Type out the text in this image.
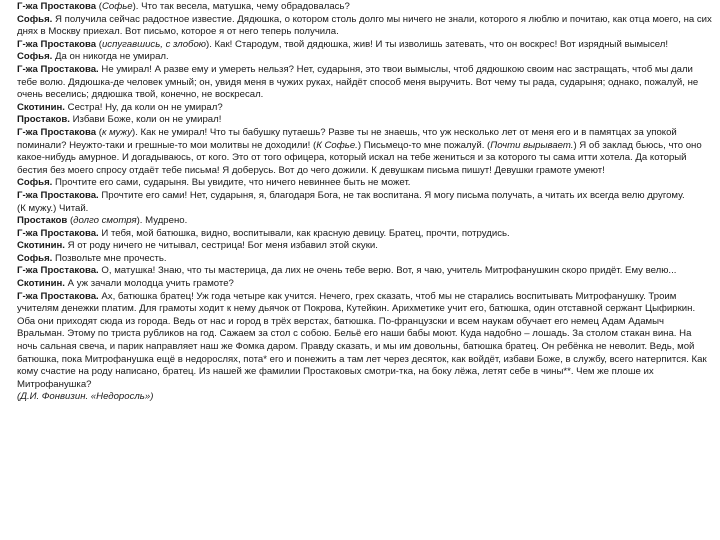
Г-жа Простакова (Софье). Что так весела, матушка, чему обрадовалась?

Софья. Я получила сейчас радостное известие. Дядюшка, о котором столь долго мы ничего не знали, которого я люблю и почитаю, как отца моего, на сих днях в Москву приехал. Вот письмо, которое я от него теперь получила.

Г-жа Простакова (испугавшись, с злобою). Как! Стародум, твой дядюшка, жив! И ты изволишь затевать, что он воскрес! Вот изрядный вымысел!

Софья. Да он никогда не умирал.

Г-жа Простакова. Не умирал! А разве ему и умереть нельзя? Нет, сударыня, это твои вымыслы, чтоб дядюшкою своим нас застращать, чтоб мы дали тебе волю. Дядюшка-де человек умный; он, увидя меня в чужих руках, найдёт способ меня выручить. Вот чему ты рада, сударыня; однако, пожалуй, не очень веселись; дядюшка твой, конечно, не воскресал.

Скотинин. Сестра! Ну, да коли он не умирал?

Простаков. Избави Боже, коли он не умирал!

Г-жа Простакова (к мужу). Как не умирал! Что ты бабушку путаешь? Разве ты не знаешь, что уж несколько лет от меня его и в памятцах за упокой поминали? Неужто-таки и грешные-то мои молитвы не доходили! (К Софье.) Письмецо-то мне пожалуй. (Почти вырывает.) Я об заклад бьюсь, что оно какое-нибудь амурное. И догадываюсь, от кого. Это от того офицера, который искал на тебе жениться и за которого ты сама итти хотела. Да который бестия без моего спросу отдаёт тебе письма! Я доберусь. Вот до чего дожили. К девушкам письма пишут! Девушки грамоте умеют!

Софья. Прочтите его сами, сударыня. Вы увидите, что ничего невиннее быть не может.

Г-жа Простакова. Прочтите его сами! Нет, сударыня, я, благодаря Бога, не так воспитана. Я могу письма получать, а читать их всегда велю другому.
(К мужу.) Читай.

Простаков (долго смотря). Мудрено.

Г-жа Простакова. И тебя, мой батюшка, видно, воспитывали, как красную девицу. Братец, прочти, потрудись.

Скотинин. Я от роду ничего не читывал, сестрица! Бог меня избавил этой скуки.

Софья. Позвольте мне прочесть.

Г-жа Простакова. О, матушка! Знаю, что ты мастерица, да лих не очень тебе верю. Вот, я чаю, учитель Митрофанушкин скоро придёт. Ему велю...

Скотинин. А уж зачали молодца учить грамоте?

Г-жа Простакова. Ах, батюшка братец! Уж года четыре как учится. Нечего, грех сказать, чтоб мы не старались воспитывать Митрофанушку. Троим учителям денежки платим. Для грамоты ходит к нему дьячок от Покрова, Кутейкин. Арихметике учит его, батюшка, один отставной сержант Цыфиркин. Оба они приходят сюда из города. Ведь от нас и город в трёх верстах, батюшка. По-французски и всем наукам обучает его немец Адам Адамыч Вральман. Этому по триста рубликов на год. Сажаем за стол с собою. Бельё его наши бабы моют. Куда надобно – лошадь. За столом стакан вина. На ночь сальная свеча, и парик направляет наш же Фомка даром. Правду сказать, и мы им довольны, батюшка братец. Он ребёнка не неволит. Ведь, мой батюшка, пока Митрофанушка ещё в недорослях, пота* его и понежить а там лет через десяток, как войдёт, избави Боже, в службу, всего натерпится. Как кому счастие на роду написано, братец. Из нашей же фамилии Простаковых смотри-тка, на боку лёжа, летят себе в чины**. Чем же плоше их Митрофанушка?

(Д.И. Фонвизин. «Недоросль»)
